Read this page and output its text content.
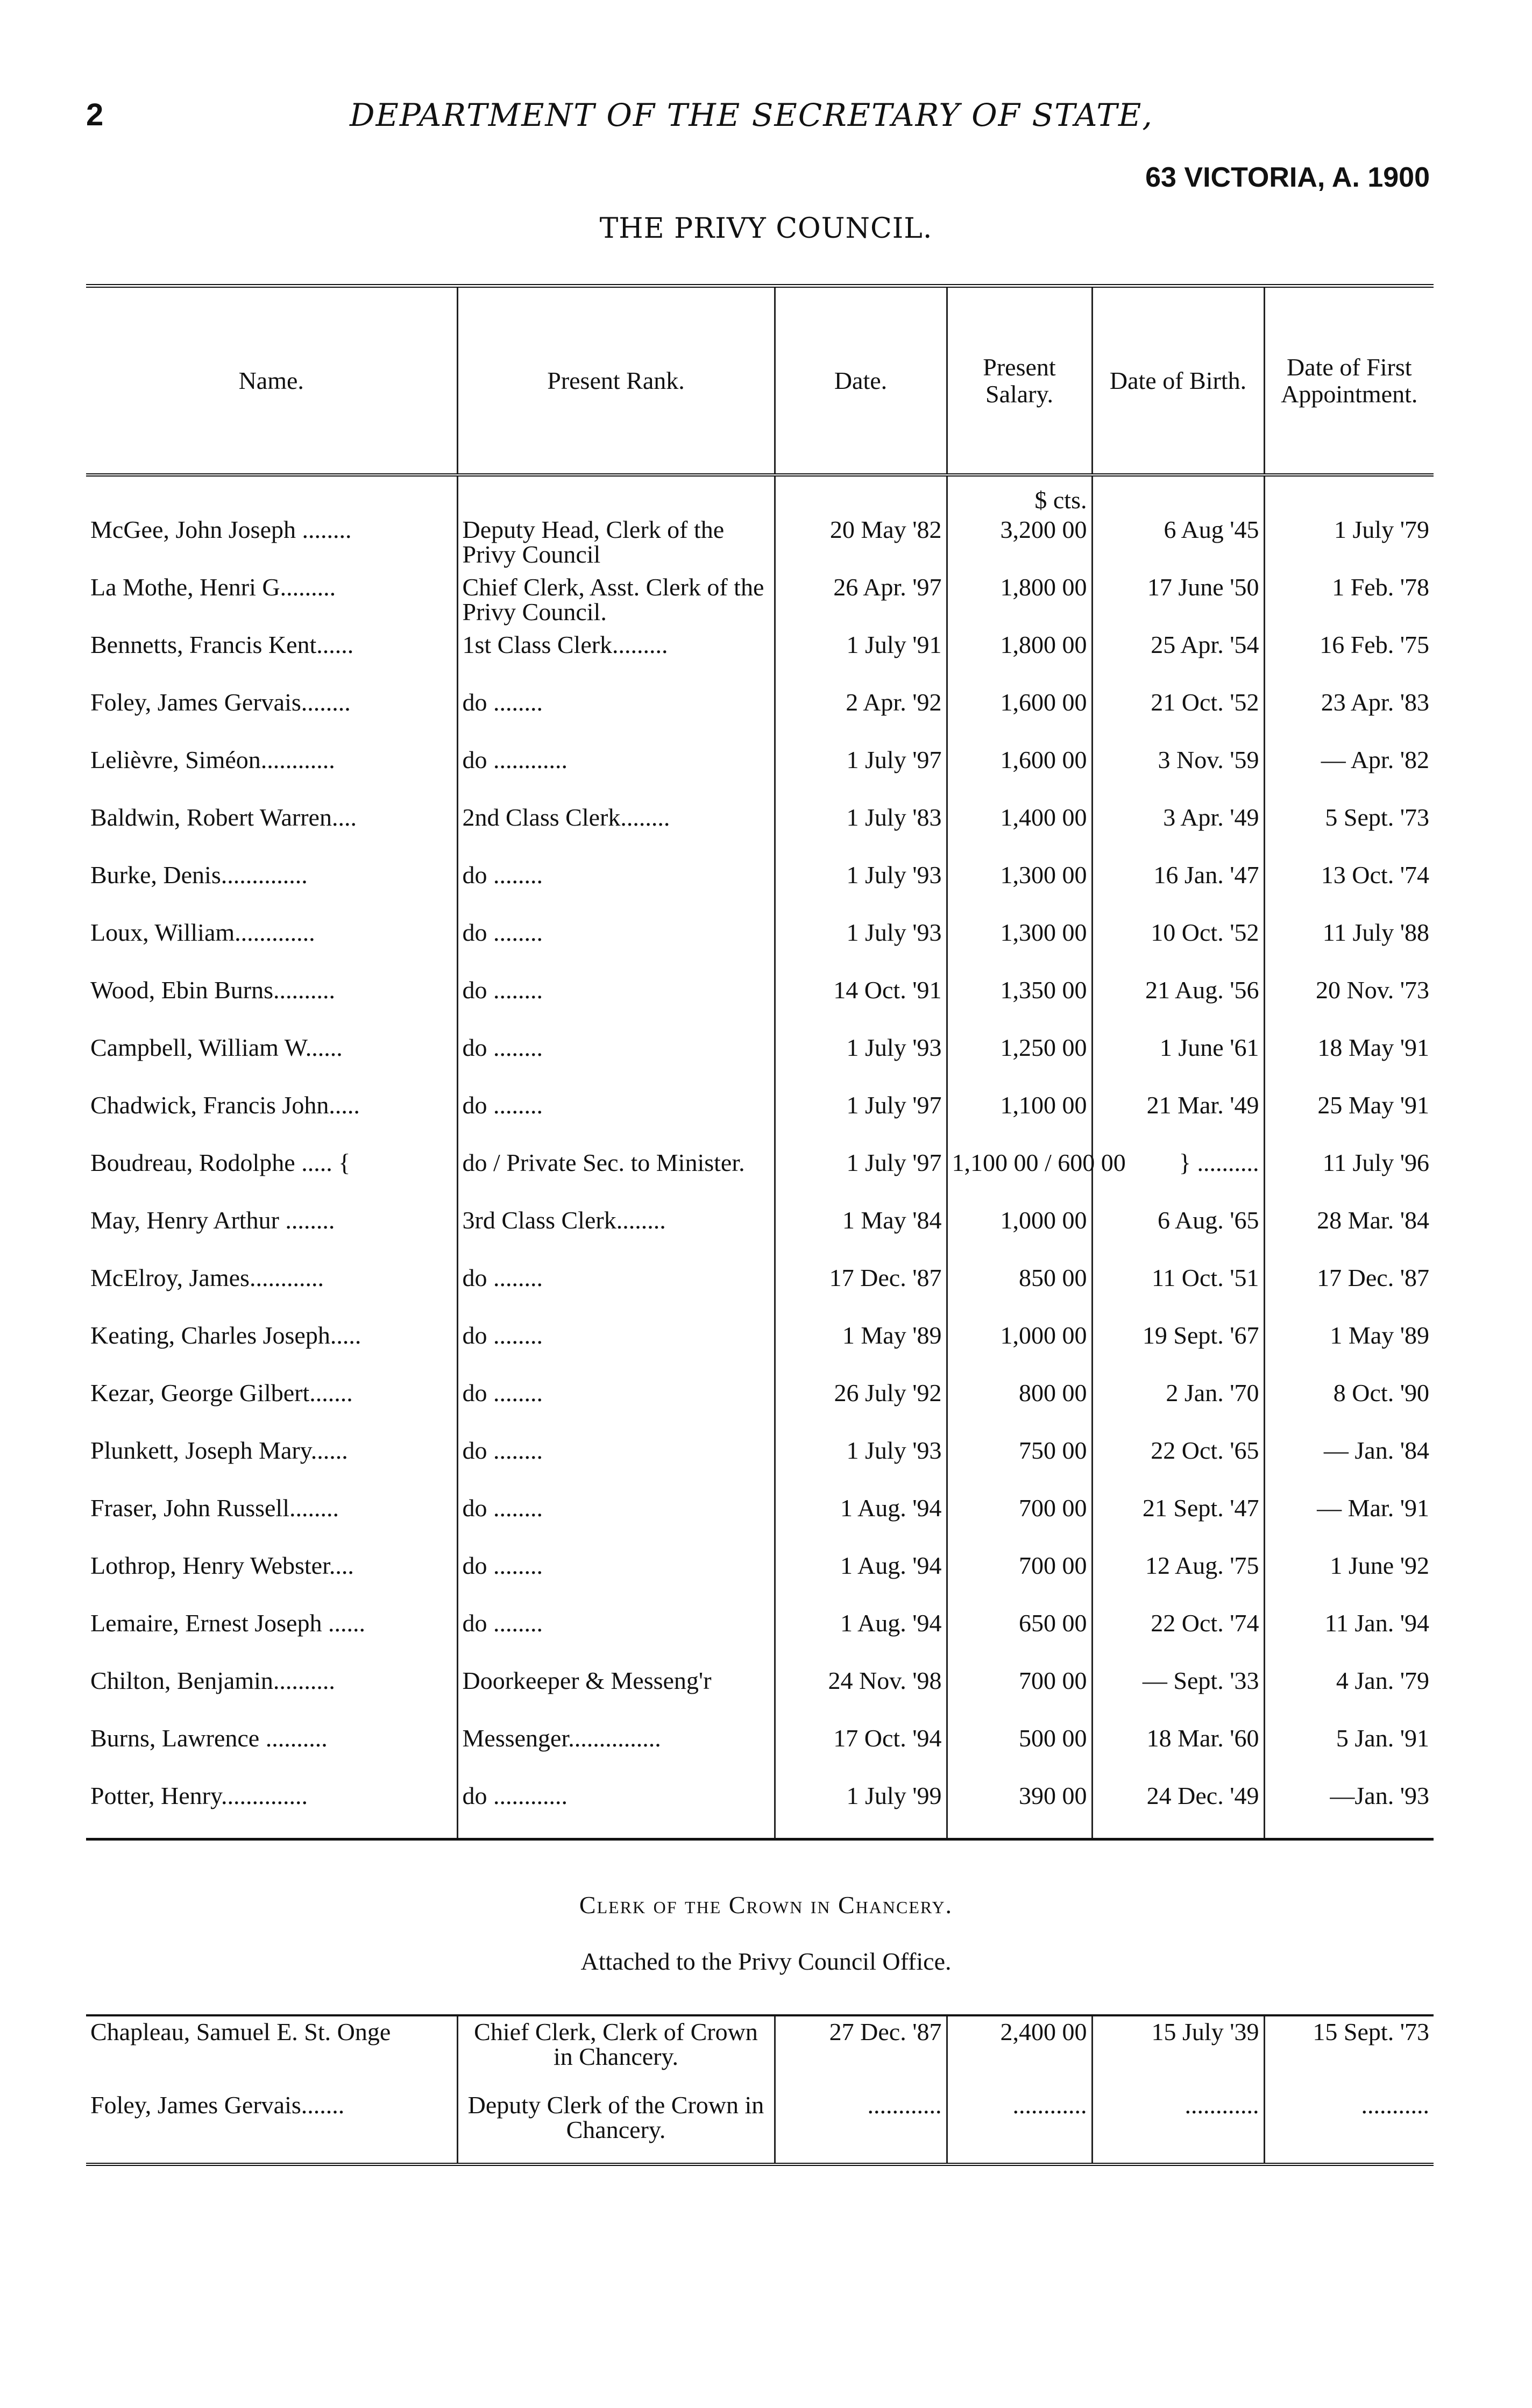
2	DEPARTMENT OF THE SECRETARY OF STATE,
63 VICTORIA, A. 1900
THE PRIVY COUNCIL.
Name.	Present Rank.	Date.	Present Salary.	Date of Birth.	Date of First Appointment.
			$ cts.		
McGee, John Joseph ........	Deputy Head, Clerk of the Privy Council	20 May '82	3,200 00	6 Aug '45	1 July '79
La Mothe, Henri G.........	Chief Clerk, Asst. Clerk of the Privy Council.	26 Apr. '97	1,800 00	17 June '50	1 Feb. '78
Bennetts, Francis Kent......	1st Class Clerk.........	1 July '91	1,800 00	25 Apr. '54	16 Feb. '75
Foley, James Gervais........	do ........	2 Apr. '92	1,600 00	21 Oct. '52	23 Apr. '83
Lelièvre, Siméon............	do ............	1 July '97	1,600 00	3 Nov. '59	— Apr. '82
Baldwin, Robert Warren....	2nd Class Clerk........	1 July '83	1,400 00	3 Apr. '49	5 Sept. '73
Burke, Denis..............	do ........	1 July '93	1,300 00	16 Jan. '47	13 Oct. '74
Loux, William.............	do ........	1 July '93	1,300 00	10 Oct. '52	11 July '88
Wood, Ebin Burns..........	do ........	14 Oct. '91	1,350 00	21 Aug. '56	20 Nov. '73
Campbell, William W......	do ........	1 July '93	1,250 00	1 June '61	18 May '91
Chadwick, Francis John.....	do ........	1 July '97	1,100 00	21 Mar. '49	25 May '91
Boudreau, Rodolphe ..... {	do / Private Sec. to Minister.	1 July '97	1,100 00 / 600 00	} ..........	11 July '96
May, Henry Arthur ........	3rd Class Clerk........	1 May '84	1,000 00	6 Aug. '65	28 Mar. '84
McElroy, James............	do ........	17 Dec. '87	850 00	11 Oct. '51	17 Dec. '87
Keating, Charles Joseph.....	do ........	1 May '89	1,000 00	19 Sept. '67	1 May '89
Kezar, George Gilbert.......	do ........	26 July '92	800 00	2 Jan. '70	8 Oct. '90
Plunkett, Joseph Mary......	do ........	1 July '93	750 00	22 Oct. '65	— Jan. '84
Fraser, John Russell........	do ........	1 Aug. '94	700 00	21 Sept. '47	— Mar. '91
Lothrop, Henry Webster....	do ........	1 Aug. '94	700 00	12 Aug. '75	1 June '92
Lemaire, Ernest Joseph ......	do ........	1 Aug. '94	650 00	22 Oct. '74	11 Jan. '94
Chilton, Benjamin..........	Doorkeeper & Messeng'r	24 Nov. '98	700 00	— Sept. '33	4 Jan. '79
Burns, Lawrence ..........	Messenger...............	17 Oct. '94	500 00	18 Mar. '60	5 Jan. '91
Potter, Henry..............	do ............	1 July '99	390 00	24 Dec. '49	—Jan. '93
Clerk of the Crown in Chancery.
Attached to the Privy Council Office.
Chapleau, Samuel E. St. Onge	Chief Clerk, Clerk of Crown in Chancery.	27 Dec. '87	2,400 00	15 July '39	15 Sept. '73
Foley, James Gervais.......	Deputy Clerk of the Crown in Chancery.	............	............	............	...........
